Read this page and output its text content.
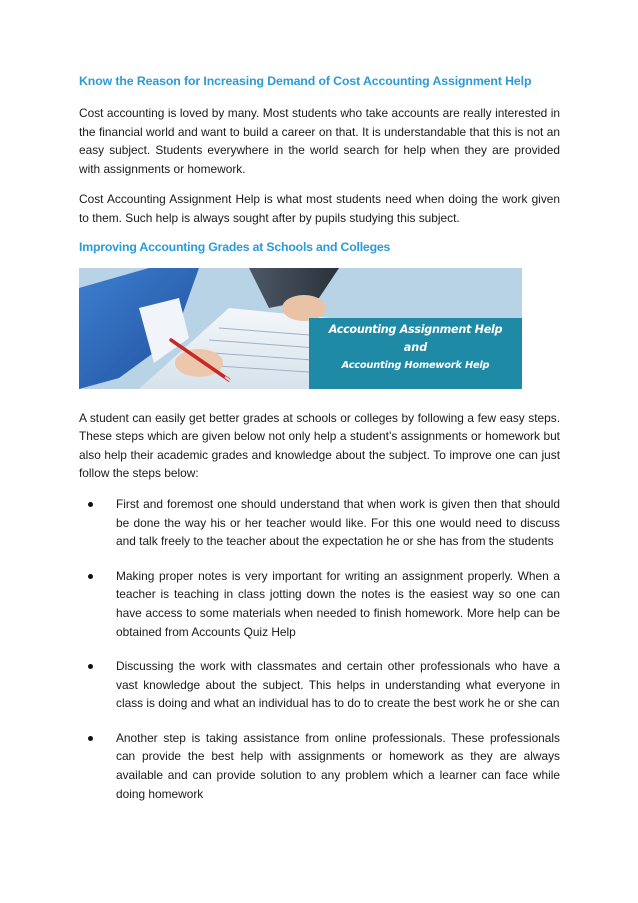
Know the Reason for Increasing Demand of Cost Accounting Assignment Help

Cost accounting is loved by many. Most students who take accounts are really interested in the financial world and want to build a career on that. It is understandable that this is not an easy subject. Students everywhere in the world search for help when they are provided with assignments or homework.

Cost Accounting Assignment Help is what most students need when doing the work given to them. Such help is always sought after by pupils studying this subject.

Improving Accounting Grades at Schools and Colleges
Accounting Assignment Help
and
Accounting Homework Help

A student can easily get better grades at schools or colleges by following a few easy steps. These steps which are given below not only help a student’s assignments or homework but also help their academic grades and knowledge about the subject. To improve one can just follow the steps below:

First and foremost one should understand that when work is given then that should be done the way his or her teacher would like. For this one would need to discuss and talk freely to the teacher about the expectation he or she has from the students
Making proper notes is very important for writing an assignment properly. When a teacher is teaching in class jotting down the notes is the easiest way so one can have access to some materials when needed to finish homework. More help can be obtained from Accounts Quiz Help
Discussing the work with classmates and certain other professionals who have a vast knowledge about the subject. This helps in understanding what everyone in class is doing and what an individual has to do to create the best work he or she can
Another step is taking assistance from online professionals. These professionals can provide the best help with assignments or homework as they are always available and can provide solution to any problem which a learner can face while doing homework
